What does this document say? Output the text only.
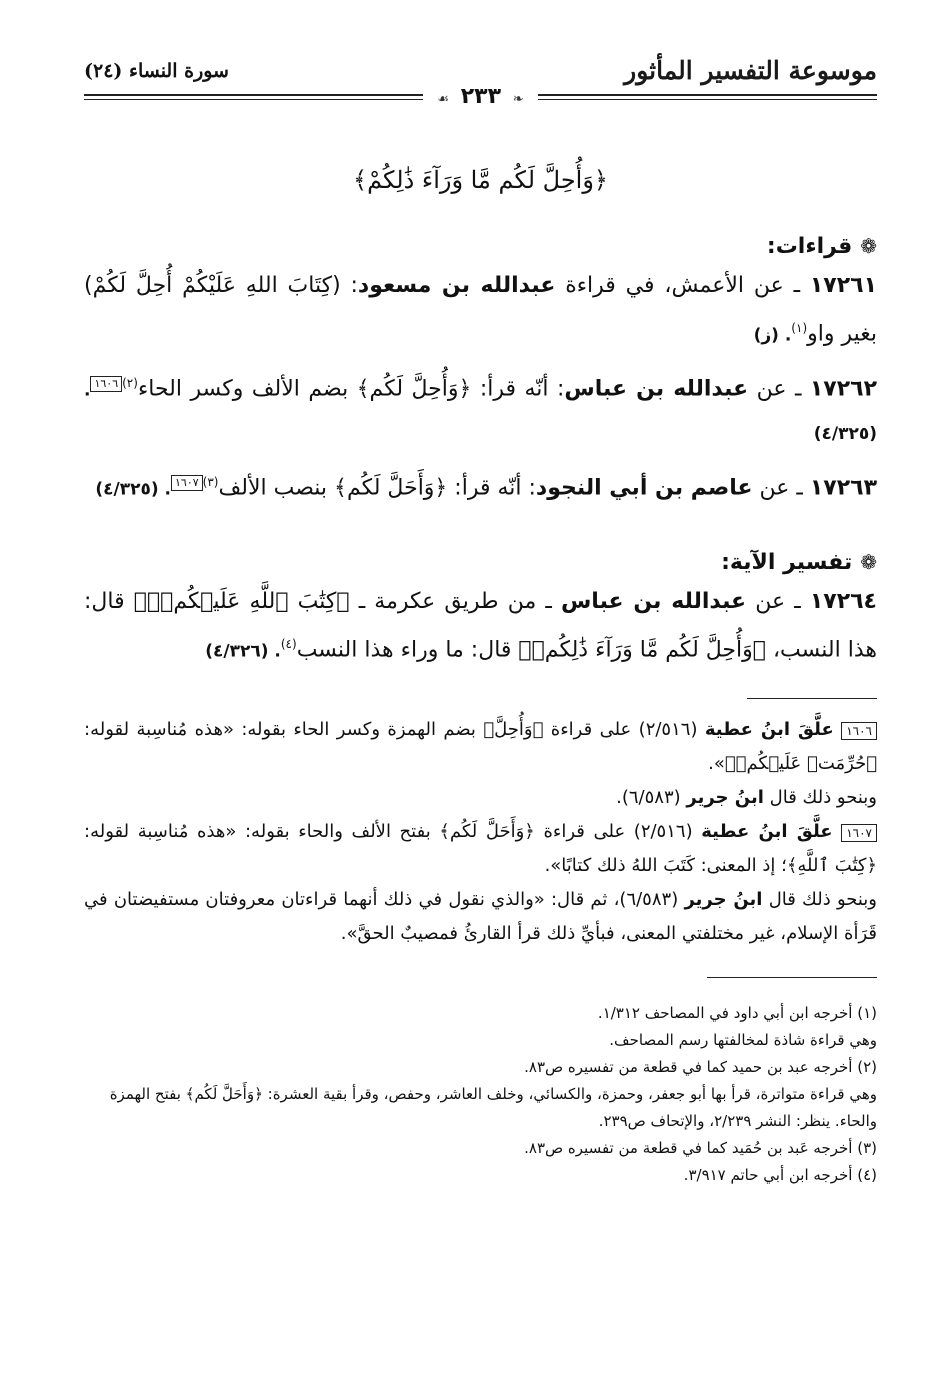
موسوعة التفسير المأثور
سورة النساء (٢٤)
❧ ٢٣٣ ☙
﴿وَأُحِلَّ لَكُم مَّا وَرَآءَ ذَٰلِكُمْ﴾
❁قراءات:
١٧٢٦١ ـ عن الأعمش، في قراءة عبدالله بن مسعود: (كِتَابَ اللهِ عَلَيْكُمْ أُحِلَّ لَكُمْ) بغير واو$^{(١)}$. (ز)
١٧٢٦٢ ـ عن عبدالله بن عباس: أنّه قرأ: ﴿وَأُحِلَّ لَكُم﴾ بضم الألف وكسر الحاء$^{(٢)}$١٦٠٦. (٤/٣٢٥)
١٧٢٦٣ ـ عن عاصم بن أبي النجود: أنّه قرأ: ﴿وَأَحَلَّ لَكُم﴾ بنصب الألف$^{(٣)}$١٦٠٧. (٤/٣٢٥)
❁تفسير الآية:
١٧٢٦٤ ـ عن عبدالله بن عباس ـ من طريق عكرمة ـ ﴿كِتَٰبَ ٱللَّهِ عَلَيۡكُمۡۚ﴾ قال: هذا النسب، ﴿وَأُحِلَّ لَكُم مَّا وَرَآءَ ذَٰلِكُمۡ﴾ قال: ما وراء هذا النسب$^{(٤)}$. (٤/٣٢٦)
١٦٠٦ علَّقَ ابنُ عطية (٢/٥١٦) على قراءة ﴿وَأُحِلَّ﴾ بضم الهمزة وكسر الحاء بقوله: «هذه مُناسِبة لقوله: ﴿حُرِّمَتۡ عَلَيۡكُمۡ﴾».
وبنحو ذلك قال ابنُ جرير (٦/٥٨٣).
١٦٠٧ علَّقَ ابنُ عطية (٢/٥١٦) على قراءة ﴿وَأَحَلَّ لَكُم﴾ بفتح الألف والحاء بقوله: «هذه مُناسِبة لقوله: ﴿كِتَٰبَ ٱللَّهِ﴾؛ إذ المعنى: كَتَبَ اللهُ ذلك كتابًا».
وبنحو ذلك قال ابنُ جرير (٦/٥٨٣)، ثم قال: «والذي نقول في ذلك أنهما قراءتان معروفتان مستفيضتان في قَرَأة الإسلام، غير مختلفتي المعنى، فبأيِّ ذلك قرأ القارئُ فمصيبٌ الحقَّ».
(١) أخرجه ابن أبي داود في المصاحف ١/٣١٢.
وهي قراءة شاذة لمخالفتها رسم المصاحف.
(٢) أخرجه عبد بن حميد كما في قطعة من تفسيره ص٨٣.
وهي قراءة متواترة، قرأ بها أبو جعفر، وحمزة، والكسائي، وخلف العاشر، وحفص، وقرأ بقية العشرة: ﴿وَأَحَلَّ لَكُم﴾ بفتح الهمزة والحاء. ينظر: النشر ٢/٢٣٩، والإتحاف ص٢٣٩.
(٣) أخرجه عَبد بن حُمَيد كما في قطعة من تفسيره ص٨٣.
(٤) أخرجه ابن أبي حاتم ٣/٩١٧.
